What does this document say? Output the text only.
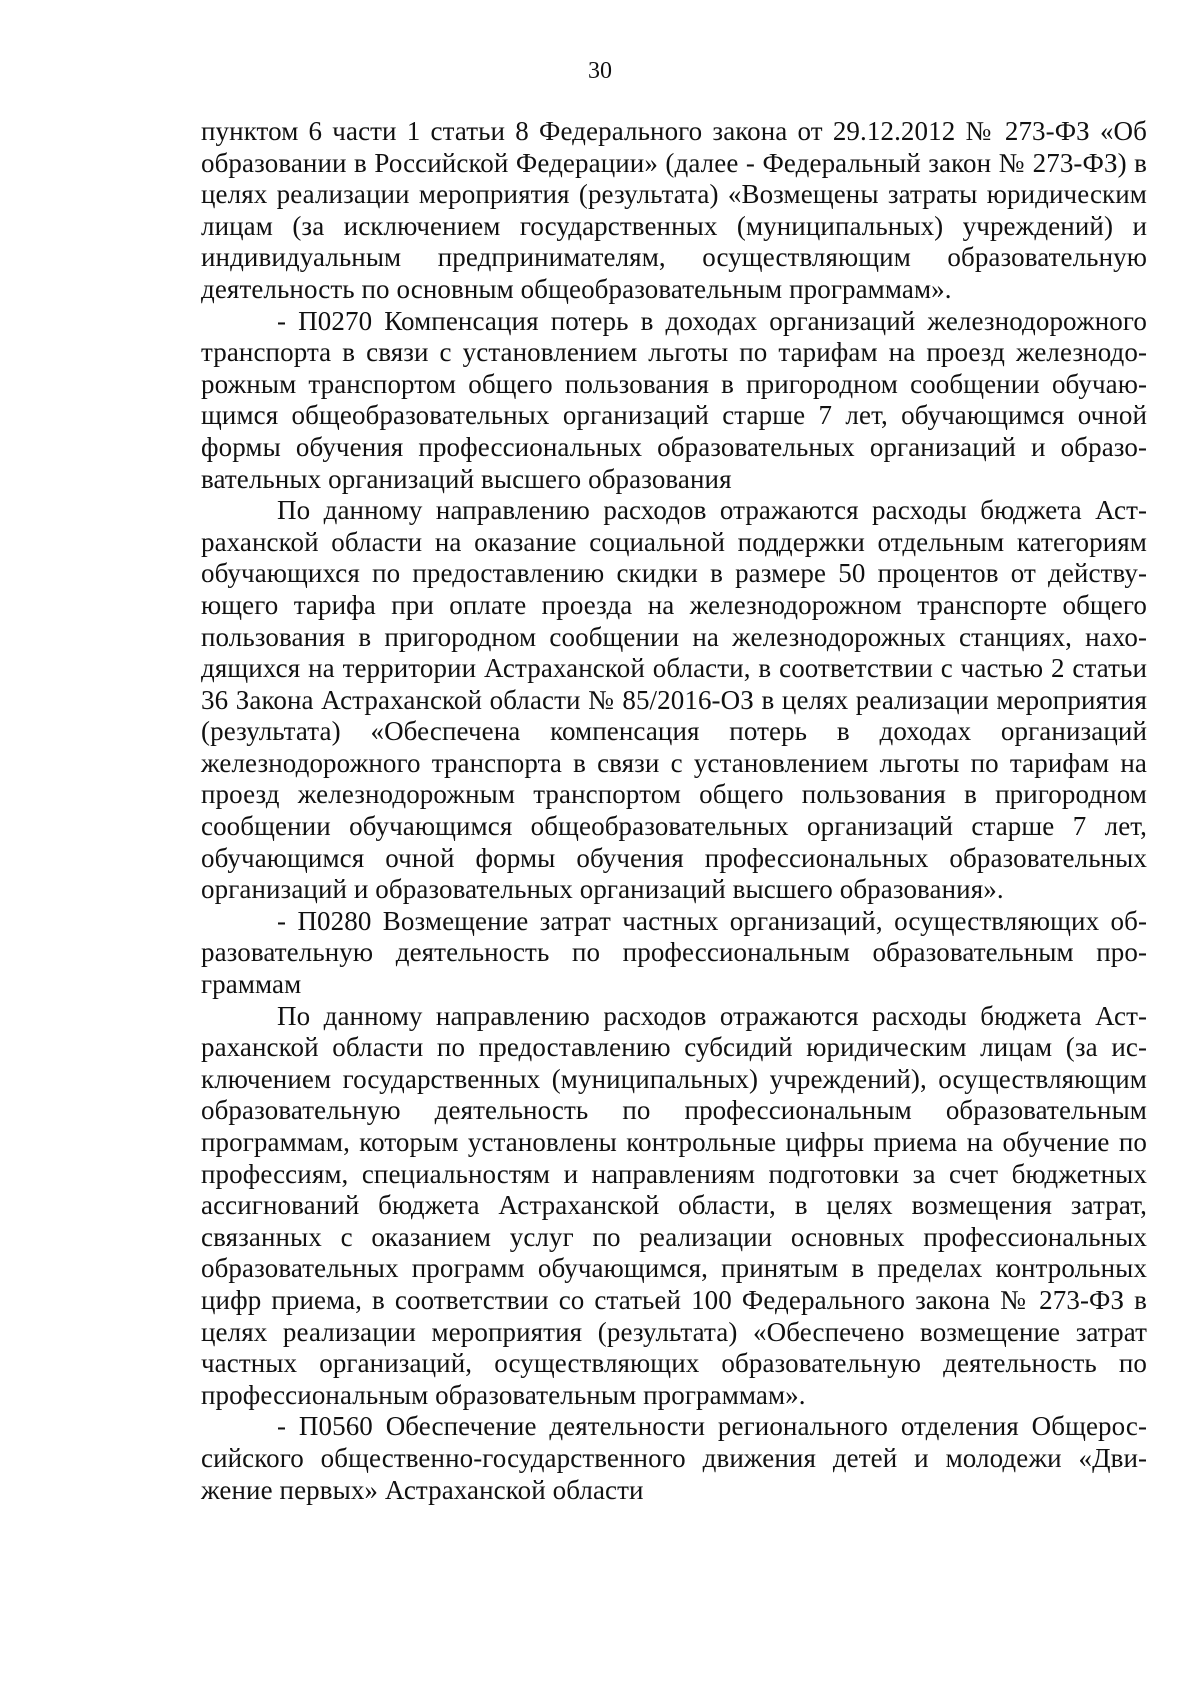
30

пунктом 6 части 1 статьи 8 Федерального закона от 29.12.2012 № 273-ФЗ «Об образовании в Российской Федерации» (далее - Федеральный закон № 273-ФЗ) в целях реализации мероприятия (результата) «Возмещены затраты юридическим лицам (за исключением государственных (муниципальных) учреждений) и индивидуальным предпринимателям, осуществляющим образовательную деятельность по основным общеобразовательным программам».

- П0270 Компенсация потерь в доходах организаций железнодорожного транспорта в связи с установлением льготы по тарифам на проезд железнодорожным транспортом общего пользования в пригородном сообщении обучающимся общеобразовательных организаций старше 7 лет, обучающимся очной формы обучения профессиональных образовательных организаций и образовательных организаций высшего образования

По данному направлению расходов отражаются расходы бюджета Астраханской области на оказание социальной поддержки отдельным категориям обучающихся по предоставлению скидки в размере 50 процентов от действующего тарифа при оплате проезда на железнодорожном транспорте общего пользования в пригородном сообщении на железнодорожных станциях, находящихся на территории Астраханской области, в соответствии с частью 2 статьи 36 Закона Астраханской области № 85/2016-ОЗ в целях реализации мероприятия (результата) «Обеспечена компенсация потерь в доходах организаций железнодорожного транспорта в связи с установлением льготы по тарифам на проезд железнодорожным транспортом общего пользования в пригородном сообщении обучающимся общеобразовательных организаций старше 7 лет, обучающимся очной формы обучения профессиональных образовательных организаций и образовательных организаций высшего образования».

- П0280 Возмещение затрат частных организаций, осуществляющих образовательную деятельность по профессиональным образовательным программам

По данному направлению расходов отражаются расходы бюджета Астраханской области по предоставлению субсидий юридическим лицам (за исключением государственных (муниципальных) учреждений), осуществляющим образовательную деятельность по профессиональным образовательным программам, которым установлены контрольные цифры приема на обучение по профессиям, специальностям и направлениям подготовки за счет бюджетных ассигнований бюджета Астраханской области, в целях возмещения затрат, связанных с оказанием услуг по реализации основных профессиональных образовательных программ обучающимся, принятым в пределах контрольных цифр приема, в соответствии со статьей 100 Федерального закона № 273-ФЗ в целях реализации мероприятия (результата) «Обеспечено возмещение затрат частных организаций, осуществляющих образовательную деятельность по профессиональным образовательным программам».

- П0560 Обеспечение деятельности регионального отделения Общероссийского общественно-государственного движения детей и молодежи «Движение первых» Астраханской области
